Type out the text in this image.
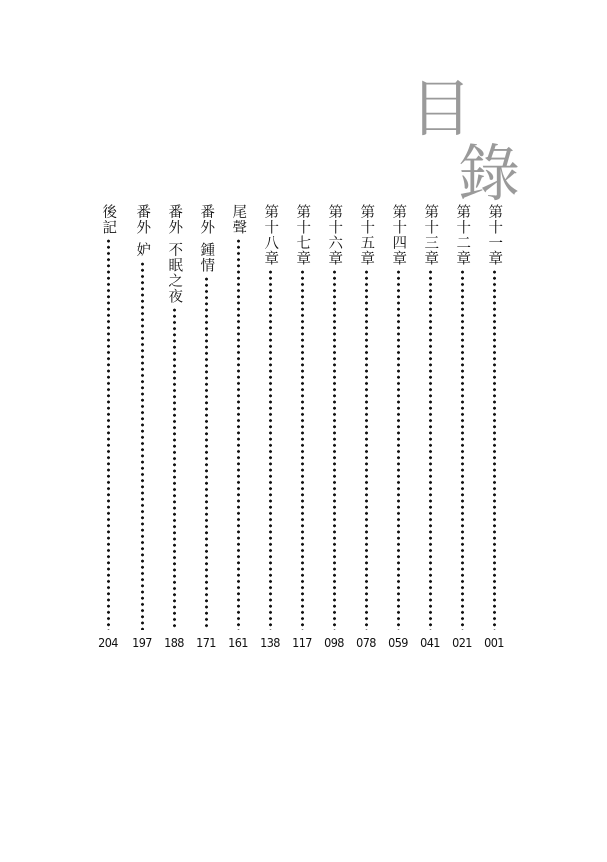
目
錄
第十一章
001
第十二章
021
第十三章
041
第十四章
059
第十五章
078
第十六章
098
第十七章
117
第十八章
138
尾聲
161
番外鍾情
171
番外不眠之夜
188
番外妒
197
後記
204
